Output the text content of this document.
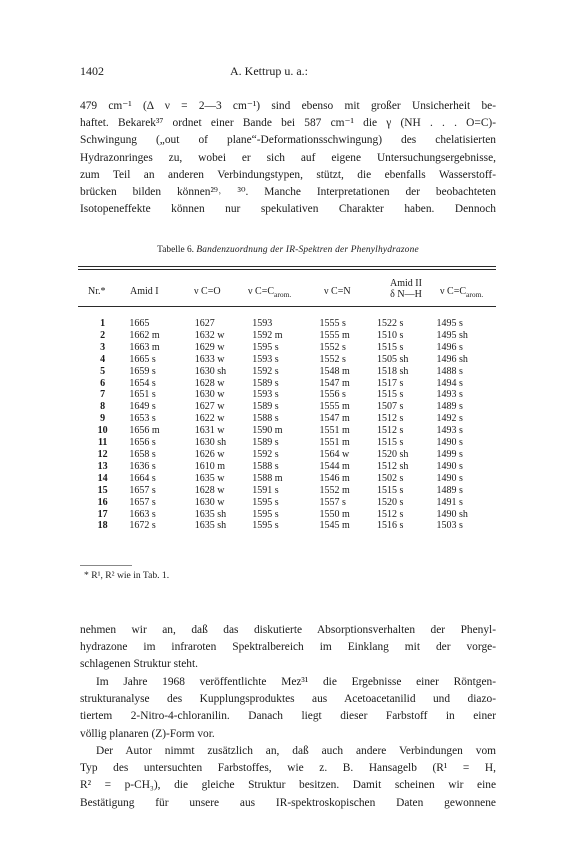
1402	A. Kettrup u. a.:
479 cm⁻¹ (Δ ν = 2—3 cm⁻¹) sind ebenso mit großer Unsicherheit be-
haftet. Bekarek³⁷ ordnet einer Bande bei 587 cm⁻¹ die γ (NH . . . O=C)-
Schwingung („out of plane“-Deformationsschwingung) des chelatisierten
Hydrazonringes zu, wobei er sich auf eigene Untersuchungsergebnisse,
zum Teil an anderen Verbindungstypen, stützt, die ebenfalls Wasserstoff-
brücken bilden können²⁹˒ ³⁰. Manche Interpretationen der beobachteten
Isotopeneffekte können nur spekulativen Charakter haben. Dennoch
Tabelle 6. Bandenzuordnung der IR-Spektren der Phenylhydrazone
Nr.* Amid I	ν C=O	ν $C=C_{arom.}$	ν C=N
Amid II
δ N—H	ν $C=C_{arom.}$
1	1665	1627	1593	1555 s	1522 s	1495 s
2	1662 m	1632 w	1592 m	1555 m	1510 s	1495 sh
3	1663 m	1629 w	1595 s	1552 s	1515 s	1496 s
4	1665 s	1633 w	1593 s	1552 s	1505 sh	1496 sh
5	1659 s	1630 sh	1592 s	1548 m	1518 sh	1488 s
6	1654 s	1628 w	1589 s	1547 m	1517 s	1494 s
7	1651 s	1630 w	1593 s	1556 s	1515 s	1493 s
8	1649 s	1627 w	1589 s	1555 m	1507 s	1489 s
9	1653 s	1622 w	1588 s	1547 m	1512 s	1492 s
10	1656 m	1631 w	1590 m	1551 m	1512 s	1493 s
11	1656 s	1630 sh	1589 s	1551 m	1515 s	1490 s
12	1658 s	1626 w	1592 s	1564 w	1520 sh	1499 s
13	1636 s	1610 m	1588 s	1544 m	1512 sh	1490 s
14	1664 s	1635 w	1588 m	1546 m	1502 s	1490 s
15	1657 s	1628 w	1591 s	1552 m	1515 s	1489 s
16	1657 s	1630 w	1595 s	1557 s	1520 s	1491 s
17	1663 s	1635 sh	1595 s	1550 m	1512 s	1490 sh
18	1672 s	1635 sh	1595 s	1545 m	1516 s	1503 s
* R¹, R² wie in Tab. 1.
nehmen wir an, daß das diskutierte Absorptionsverhalten der Phenyl-
hydrazone im infraroten Spektralbereich im Einklang mit der vorge-
schlagenen Struktur steht.
Im Jahre 1968 veröffentlichte Mez³¹ die Ergebnisse einer Röntgen-
strukturanalyse des Kupplungsproduktes aus Acetoacetanilid und diazo-
tiertem 2-Nitro-4-chloranilin. Danach liegt dieser Farbstoff in einer
völlig planaren (Z)-Form vor.
Der Autor nimmt zusätzlich an, daß auch andere Verbindungen vom
Typ des untersuchten Farbstoffes, wie z. B. Hansagelb (R¹ = H,
R² = p-CH₃), die gleiche Struktur besitzen. Damit scheinen wir eine
Bestätigung für unsere aus IR-spektroskopischen Daten gewonnene
